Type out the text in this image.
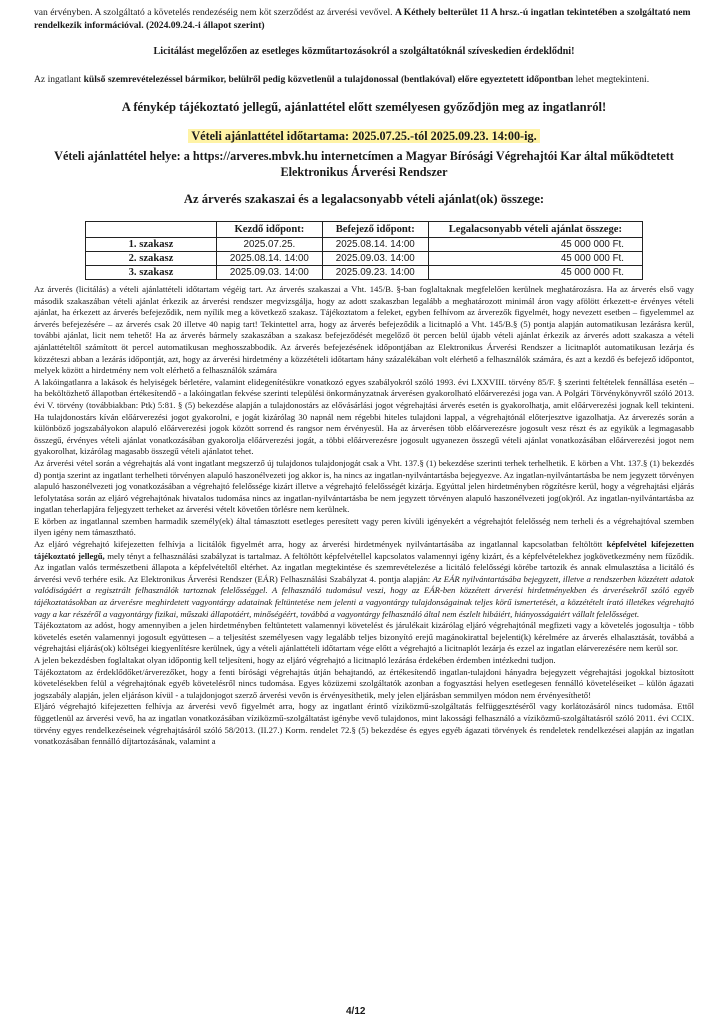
van érvényben. A szolgáltató a követelés rendezéséig nem köt szerződést az árverési vevővel. A Kéthely belterület 11 A hrsz.-ú ingatlan tekintetében a szolgáltató nem rendelkezik információval. (2024.09.24.-i állapot szerint)

Licitálást megelőzően az esetleges közműtartozásokról a szolgáltatóknál szíveskedien érdeklődni!

Az ingatlant külső szemrevételezéssel bármikor, belülről pedig közvetlenül a tulajdonossal (bentlakóval) előre egyeztetett időpontban lehet megtekinteni.

A fénykép tájékoztató jellegű, ajánlattétel előtt személyesen győződjön meg az ingatlanról!

Vételi ajánlattétel időtartama: 2025.07.25.-tól 2025.09.23. 14:00-ig.

Vételi ajánlattétel helye: a https://arveres.mbvk.hu internetcímen a Magyar Bírósági Végrehajtói Kar által működtetett Elektronikus Árverési Rendszer

Az árverés szakaszai és a legalacsonyabb vételi ajánlat(ok) összege:

	Kezdő időpont:	Befejező időpont:	Legalacsonyabb vételi ajánlat összege:
1. szakasz	2025.07.25.	2025.08.14. 14:00	45 000 000 Ft.
2. szakasz	2025.08.14. 14:00	2025.09.03. 14:00	45 000 000 Ft.
3. szakasz	2025.09.03. 14:00	2025.09.23. 14:00	45 000 000 Ft.

Az árverés (licitálás) a vételi ajánlattételi időtartam végéig tart. Az árverés szakaszai a Vht. 145/B. §-ban foglaltaknak megfelelően kerülnek meghatározásra. Ha az árverés első vagy második szakaszában vételi ajánlat érkezik az árverési rendszer megvizsgálja, hogy az adott szakaszban legalább a meghatározott minimál áron vagy afölött érkezett-e érvényes vételi ajánlat, ha érkezett az árverés befejeződik, nem nyílik meg a következő szakasz. Tájékoztatom a feleket, egyben felhívom az árverezők figyelmét, hogy nevezett esetben – figyelemmel az árverés befejezésére – az árverés csak 20 illetve 40 napig tart! Tekintettel arra, hogy az árverés befejeződik a licitnapló a Vht. 145/B.§ (5) pontja alapján automatikusan lezárásra kerül, további ajánlat, licit nem tehető! Ha az árverés bármely szakaszában a szakasz befejeződését megelőző öt percen belül újabb vételi ajánlat érkezik az árverés adott szakasza a vételi ajánlattételtől számított öt percel automatikusan meghosszabbodik. Az árverés befejezésének időpontjában az Elektronikus Árverési Rendszer a licitnaplót automatikusan lezárja és közzéteszi abban a lezárás időpontját, azt, hogy az árverési hirdetmény a közzétételi időtartam hány százalékában volt elérhető a felhasználók számára, és azt a kezdő és befejező időpontot, melyek között a hirdetmény nem volt elérhető a felhasználók számára

A lakóingatlanra a lakások és helyiségek bérletére, valamint elidegenítésükre vonatkozó egyes szabályokról szóló 1993. évi LXXVIII. törvény 85/F. § szerinti feltételek fennállása esetén – ha beköltözhető állapotban értékesítendő - a lakóingatlan fekvése szerinti települési önkormányzatnak árverésen gyakorolható előárverezési joga van. A Polgári Törvénykönyvről szóló 2013. évi V. törvény (továbbiakban: Ptk) 5:81. § (5) bekezdése alapján a tulajdonostárs az elővásárlási jogot végrehajtási árverés esetén is gyakorolhatja, amit előárverezési jognak kell tekinteni. Ha tulajdonostárs kíván előárverezési jogot gyakorolni, e jogát kizárólag 30 napnál nem régebbi hiteles tulajdoni lappal, a végrehajtónál előterjesztve igazolhatja. Az árverezés során a különböző jogszabályokon alapuló előárverezési jogok között sorrend és rangsor nem érvényesül. Ha az árverésen több előárverezésre jogosult vesz részt és az egyikük a legmagasabb összegű, érvényes vételi ajánlat vonatkozásában gyakorolja előárverezési jogát, a többi előárverezésre jogosult ugyanezen összegű vételi ajánlat vonatkozásában előárverezési jogot nem gyakorolhat, kizárólag magasabb összegű vételi ajánlatot tehet.

Az árverési vétel során a végrehajtás alá vont ingatlant megszerző új tulajdonos tulajdonjogát csak a Vht. 137.§ (1) bekezdése szerinti terhek terhelhetik. E körben a Vht. 137.§ (1) bekezdés d) pontja szerint az ingatlant terhelheti törvényen alapuló haszonélvezeti jog akkor is, ha nincs az ingatlan-nyilvántartásba bejegyezve. Az ingatlan-nyilvántartásba be nem jegyzett törvényen alapuló haszonélvezeti jog vonatkozásában a végrehajtó felelőssége kizárt illetve a végrehajtó felelősségét kizárja. Egyúttal jelen hirdetményben rögzítésre kerül, hogy a végrehajtási eljárás lefolytatása során az eljáró végrehajtónak hivatalos tudomása nincs az ingatlan-nyilvántartásba be nem jegyzett törvényen alapuló haszonélvezeti jog(ok)ról. Az ingatlan-nyilvántartásba az ingatlan teherlapjára feljegyzett terheket az árverési vételt követően törlésre nem kerülnek.

E körben az ingatlannal szemben harmadik személy(ek) által támasztott esetleges peresített vagy peren kívüli igényekért a végrehajtót felelősség nem terheli és a végrehajtóval szemben ilyen igény nem támasztható.

Az eljáró végrehajtó kifejezetten felhívja a licitálók figyelmét arra, hogy az árverési hirdetmények nyilvántartásába az ingatlannal kapcsolatban feltöltött képfelvétel kifejezetten tájékoztató jellegű, mely tényt a felhasználási szabályzat is tartalmaz. A feltöltött képfelvétellel kapcsolatos valamennyi igény kizárt, és a képfelvételekhez jogkövetkezmény nem fűződik. Az ingatlan valós természetbeni állapota a képfelvételtől eltérhet. Az ingatlan megtekintése és szemrevételezése a licitáló felelősségi körébe tartozik és annak elmulasztása a licitáló és árverési vevő terhére esik. Az Elektronikus Árverési Rendszer (EÁR) Felhasználási Szabályzat 4. pontja alapján: Az EÁR nyilvántartásába bejegyzett, illetve a rendszerben közzétett adatok valódiságáért a regisztrált felhasználók tartoznak felelősséggel. A felhasználó tudomásul veszi, hogy az EÁR-ben közzétett árverési hirdetményekben és árverésekről szóló egyéb tájékoztatásokban az árverésre meghirdetett vagyontárgy adatainak feltüntetése nem jelenti a vagyontárgy tulajdonságainak teljes körű ismertetését, a közzétételt írató illetékes végrehajtó vagy a kar részéről a vagyontárgy fizikai, műszaki állapotáért, minőségéért, továbbá a vagyontárgy felhasználó által nem észlelt hibáiért, hiányosságaiért vállalt felelősséget.

Tájékoztatom az adóst, hogy amennyiben a jelen hirdetményben feltüntetett valamennyi követelést és járulékait kizárólag eljáró végrehajtónál megfizeti vagy a követelés jogosultja - több követelés esetén valamennyi jogosult együttesen – a teljesítést személyesen vagy legalább teljes bizonyító erejű magánokirattal bejelenti(k) kérelmére az árverés elhalasztását, továbbá a végrehajtási eljárás(ok) költségei kiegyenlítésre kerülnek, úgy a vételi ajánlattételi időtartam vége előtt a végrehajtó a licitnaplót lezárja és ezzel az ingatlan elárverezésére nem kerül sor.

A jelen bekezdésben foglaltakat olyan időpontig kell teljesíteni, hogy az eljáró végrehajtó a licitnapló lezárása érdekében érdemben intézkedni tudjon.

Tájékoztatom az érdeklődőket/árverezőket, hogy a fenti bírósági végrehajtás útján behajtandó, az értékesítendő ingatlan-tulajdoni hányadra bejegyzett végrehajtási jogokkal biztosított követelésekben felül a végrehajtónak egyéb követelésről nincs tudomása. Egyes közüzemi szolgáltatók azonban a fogyasztási helyen esetlegesen fennálló követeléseiket – külön ágazati jogszabály alapján, jelen eljáráson kívül - a tulajdonjogot szerző árverési vevőn is érvényesíthetik, mely jelen eljárásban semmilyen módon nem érvényesíthető!

Eljáró végrehajtó kifejezetten felhívja az árverési vevő figyelmét arra, hogy az ingatlant érintő víziközmű-szolgáltatás felfüggesztéséről vagy korlátozásáról nincs tudomása. Ettől függetlenül az árverési vevő, ha az ingatlan vonatkozásában víziközmű-szolgáltatást igénybe vevő tulajdonos, mint lakossági felhasználó a víziközmű-szolgáltatásról szóló 2011. évi CCIX. törvény egyes rendelkezéseinek végrehajtásáról szóló 58/2013. (II.27.) Korm. rendelet 72.§ (5) bekezdése és egyes egyéb ágazati törvények és rendeletek rendelkezései alapján az ingatlan vonatkozásában fennálló díjtartozásának, valamint a

4/12
